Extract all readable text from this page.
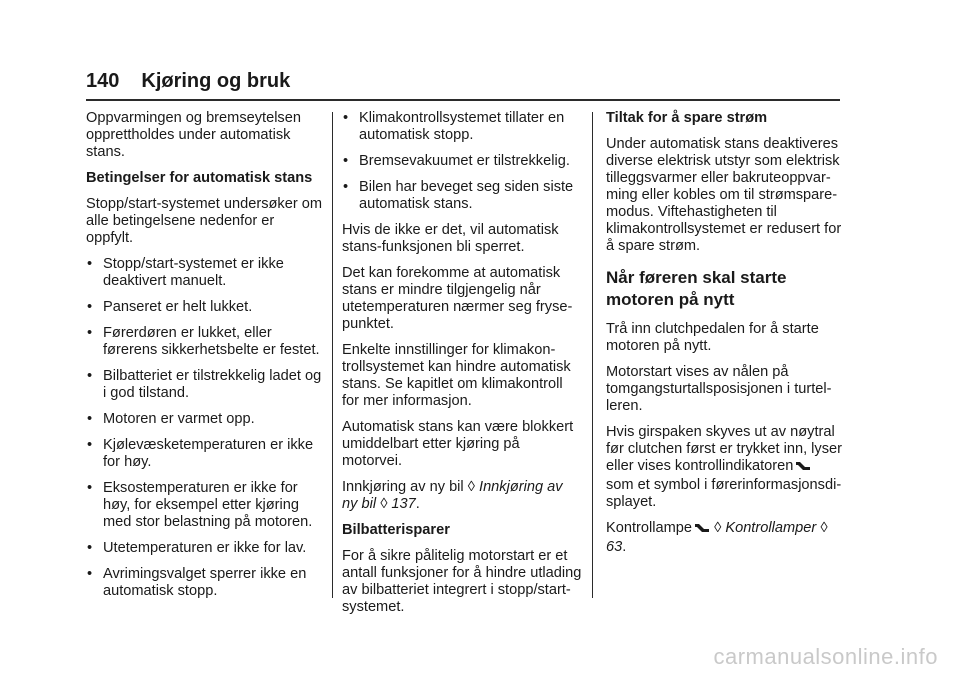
140 Kjøring og bruk

Oppvarmingen og bremseytelsen opprettholdes under automatisk stans.

Betingelser for automatisk stans

Stopp/start-systemet undersøker om alle betingelsene nedenfor er oppfylt.

• Stopp/start-systemet er ikke deaktivert manuelt.
• Panseret er helt lukket.
• Førerdøren er lukket, eller førerens sikkerhetsbelte er festet.
• Bilbatteriet er tilstrekkelig ladet og i god tilstand.
• Motoren er varmet opp.
• Kjølevæsketemperaturen er ikke for høy.
• Eksostemperaturen er ikke for høy, for eksempel etter kjøring med stor belastning på motoren.
• Utetemperaturen er ikke for lav.
• Avrimingsvalget sperrer ikke en automatisk stopp.
• Klimakontrollsystemet tillater en automatisk stopp.
• Bremsevakuumet er tilstrekkelig.
• Bilen har beveget seg siden siste automatisk stans.

Hvis de ikke er det, vil automatisk stans-funksjonen bli sperret.

Det kan forekomme at automatisk stans er mindre tilgjengelig når utetemperaturen nærmer seg fryse-punktet.

Enkelte innstillinger for klimakon-trollsystemet kan hindre automatisk stans. Se kapitlet om klimakontroll for mer informasjon.

Automatisk stans kan være blokkert umiddelbart etter kjøring på motorvei.

Innkjøring av ny bil ◊ Innkjøring av ny bil ◊ 137.

Bilbatterisparer

For å sikre pålitelig motorstart er et antall funksjoner for å hindre utlading av bilbatteriet integrert i stopp/start-systemet.

Tiltak for å spare strøm

Under automatisk stans deaktiveres diverse elektrisk utstyr som elektrisk tilleggsvarmer eller bakruteoppvar-ming eller kobles om til strømspare-modus. Viftehastigheten til klimakontrollsystemet er redusert for å spare strøm.

Når føreren skal starte motoren på nytt

Trå inn clutchpedalen for å starte motoren på nytt.

Motorstart vises av nålen på tomgangsturtallsposisjonen i turtel-leren.

Hvis girspaken skyves ut av nøytral før clutchen først er trykket inn, lyser eller vises kontrollindikatoren som et symbol i førerinformasjonsdi-splayet.

Kontrollampe ◊ Kontrollamper ◊ 63.

carmanualsonline.info
